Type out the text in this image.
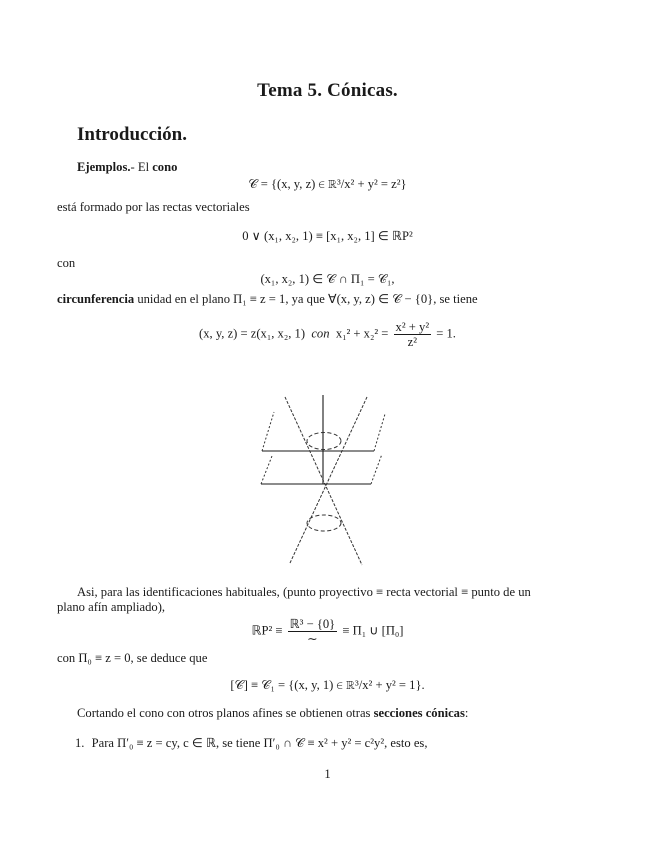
Tema 5. Cónicas.
Introducción.
Ejemplos.- El cono
𝒞 = {(x, y, z) ∈ ℝ³/x² + y² = z²}
está formado por las rectas vectoriales
0 ∨ (x₁, x₂, 1) ≡ [x₁, x₂, 1] ∈ ℝP²
con
(x₁, x₂, 1) ∈ 𝒞 ∩ Π₁ = 𝒞₁,
circunferencia unidad en el plano Π₁ ≡ z = 1, ya que ∀(x, y, z) ∈ 𝒞 − {0}, se tiene
(x, y, z) = z(x₁, x₂, 1) con $x_1^2 + x_2^2 = \frac{\text{x² + y²}}{\text{z²}} = 1$.
Asi, para las identificaciones habituales, (punto proyectivo ≡ recta vectorial ≡ punto de un
plano afín ampliado),
ℝP² ≡ $\frac{\text{ℝ³ − \{0\}}}{\sim} \equiv \Pi_1$ ∪ [Π₀]
con Π₀ ≡ z = 0, se deduce que
[𝒞] ≡ 𝒞₁ = {(x, y, 1) ∈ ℝ³/x² + y² = 1}.
Cortando el cono con otros planos afines se obtienen otras secciones cónicas:
1. Para Π′₀ ≡ z = cy, c ∈ ℝ, se tiene Π′₀ ∩ 𝒞 ≡ x² + y² = c²y², esto es,
1
